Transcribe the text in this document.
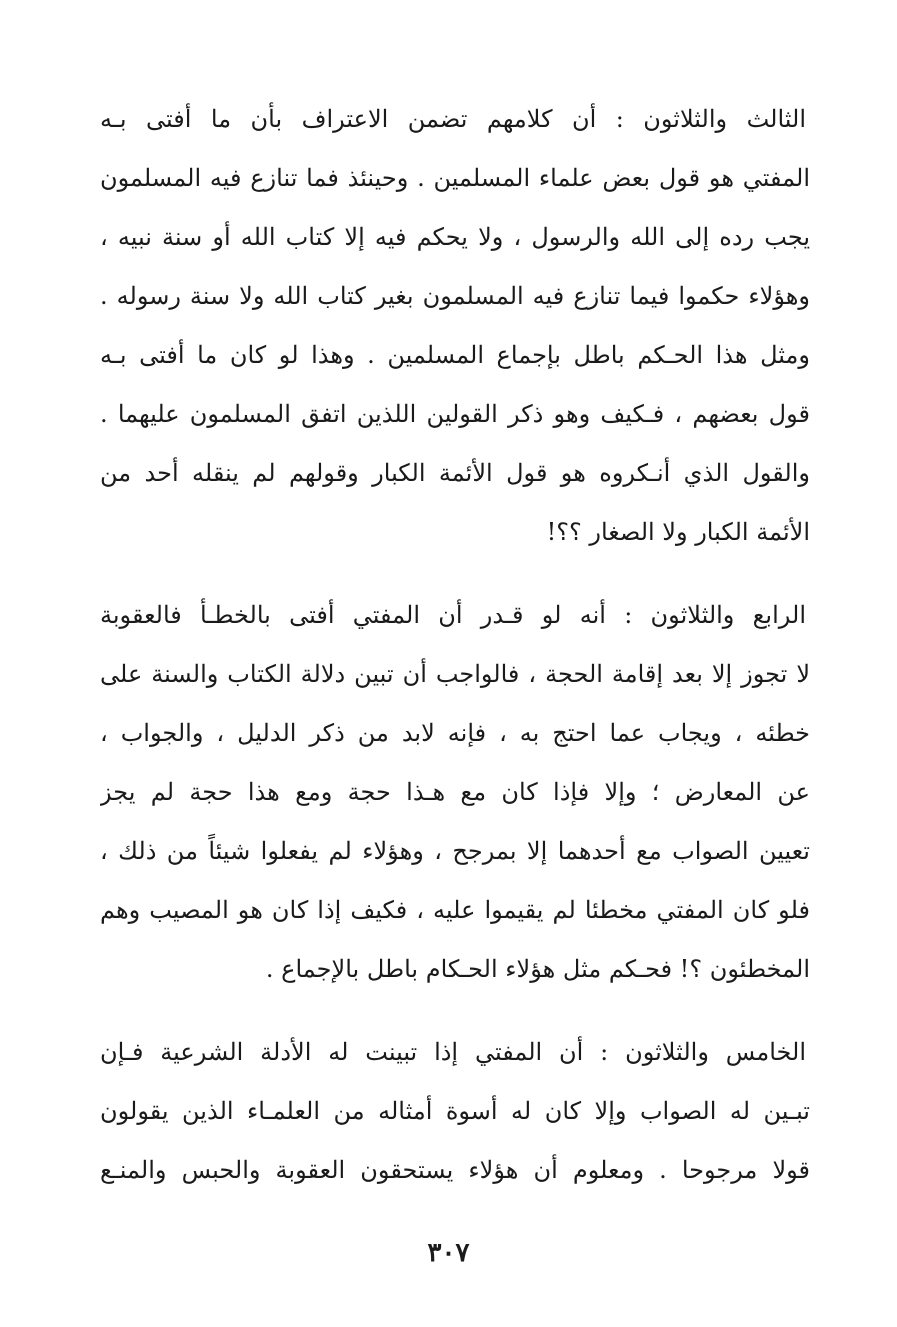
الثالث والثلاثون : أن كلامهم تضمن الاعتراف بأن ما أفتى بـه
المفتي هو قول بعض علماء المسلمين . وحينئذ فما تنازع فيه المسلمون
يجب رده إلى الله والرسول ، ولا يحكم فيه إلا كتاب الله أو سنة نبيه ،
وهؤلاء حكموا فيما تنازع فيه المسلمون بغير كتاب الله ولا سنة رسوله .
ومثل هذا الحـكم باطل بإجماع المسلمين . وهذا لو كان ما أفتى بـه
قول بعضهم ، فـكيف وهو ذكر القولين اللذين اتفق المسلمون عليهما .
والقول الذي أنـكروه هو قول الأئمة الكبار وقولهم لم ينقله أحد من
الأئمة الكبار ولا الصغار ؟؟!
الرابع والثلاثون : أنه لو قـدر أن المفتي أفتى بالخطـأ فالعقوبة
لا تجوز إلا بعد إقامة الحجة ، فالواجب أن تبين دلالة الكتاب والسنة على
خطئه ، ويجاب عما احتج به ، فإنه لابد من ذكر الدليل ، والجواب ،
عن المعارض ؛ وإلا فإذا كان مع هـذا حجة ومع هذا حجة لم يجز
تعيين الصواب مع أحدهما إلا بمرجح ، وهؤلاء لم يفعلوا شيئاً من ذلك ،
فلو كان المفتي مخطئا لم يقيموا عليه ، فكيف إذا كان هو المصيب وهم
المخطئون ؟! فحـكم مثل هؤلاء الحـكام باطل بالإجماع .
الخامس والثلاثون : أن المفتي إذا تبينت له الأدلة الشرعية فـإن
تبـين له الصواب وإلا كان له أسوة أمثاله من العلمـاء الذين يقولون
قولا مرجوحا . ومعلوم أن هؤلاء يستحقون العقوبة والحبس والمنـع
٣٠٧
